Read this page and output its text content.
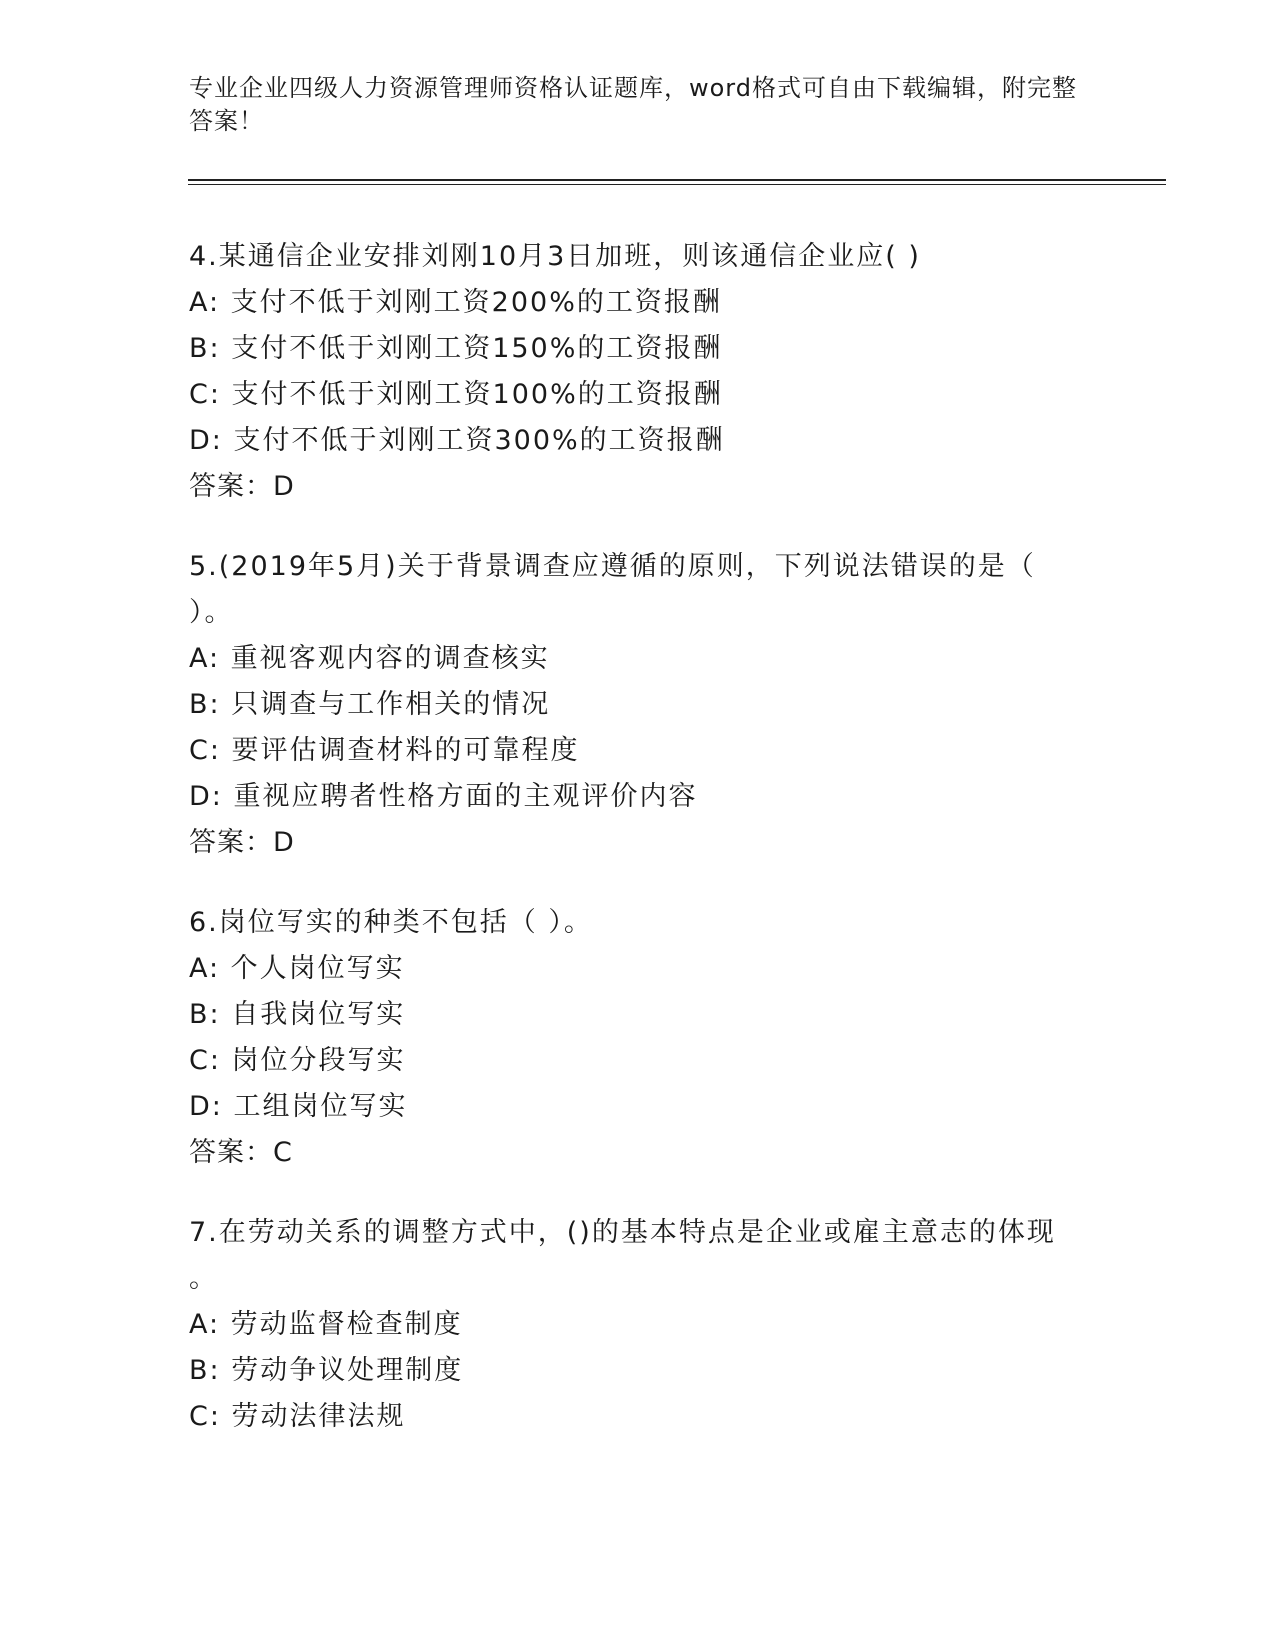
专业企业四级人力资源管理师资格认证题库，word格式可自由下载编辑，附完整
答案！
4.某通信企业安排刘刚10月3日加班，则该通信企业应( )
A: 支付不低于刘刚工资200%的工资报酬
B: 支付不低于刘刚工资150%的工资报酬
C: 支付不低于刘刚工资100%的工资报酬
D: 支付不低于刘刚工资300%的工资报酬
答案：D
5.(2019年5月)关于背景调查应遵循的原则，下列说法错误的是（
）。
A: 重视客观内容的调查核实
B: 只调查与工作相关的情况
C: 要评估调查材料的可靠程度
D: 重视应聘者性格方面的主观评价内容
答案：D
6.岗位写实的种类不包括（ ）。
A: 个人岗位写实
B: 自我岗位写实
C: 岗位分段写实
D: 工组岗位写实
答案：C
7.在劳动关系的调整方式中，()的基本特点是企业或雇主意志的体现
。
A: 劳动监督检查制度
B: 劳动争议处理制度
C: 劳动法律法规
